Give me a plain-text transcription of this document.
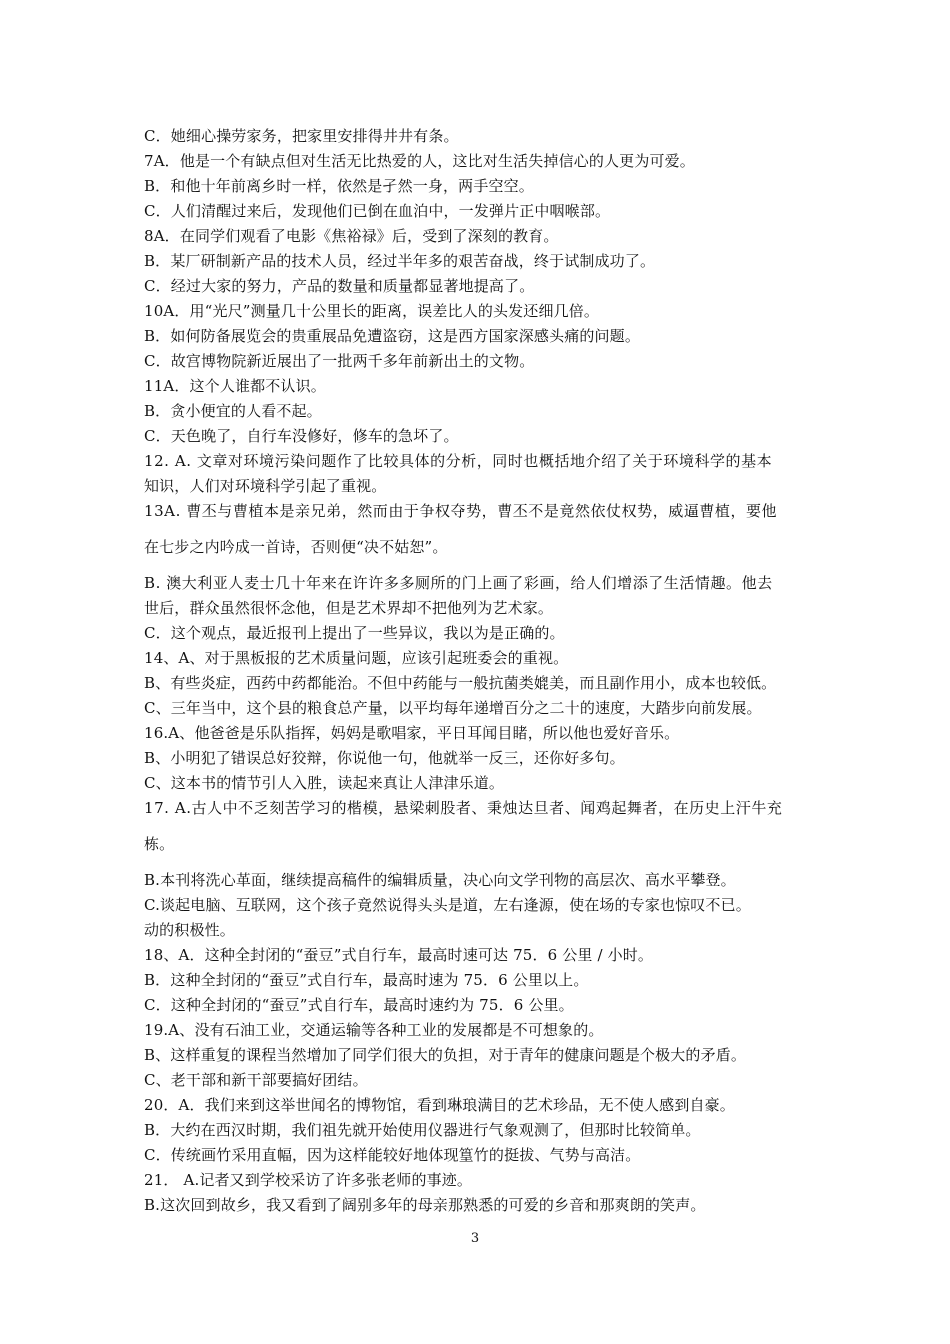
C．她细心操劳家务，把家里安排得井井有条。
7A．他是一个有缺点但对生活无比热爱的人，这比对生活失掉信心的人更为可爱。
B．和他十年前离乡时一样，依然是孑然一身，两手空空。
C．人们清醒过来后，发现他们已倒在血泊中，一发弹片正中咽喉部。
8A．在同学们观看了电影《焦裕禄》后，受到了深刻的教育。
B．某厂研制新产品的技术人员，经过半年多的艰苦奋战，终于试制成功了。
C．经过大家的努力，产品的数量和质量都显著地提高了。
10A．用“光尺”测量几十公里长的距离，误差比人的头发还细几倍。
B．如何防备展览会的贵重展品免遭盗窃，这是西方国家深感头痛的问题。
C．故宫博物院新近展出了一批两千多年前新出土的文物。
11A．这个人谁都不认识。
B．贪小便宜的人看不起。
C．天色晚了，自行车没修好，修车的急坏了。
12. A. 文章对环境污染问题作了比较具体的分析，同时也概括地介绍了关于环境科学的基本
知识，人们对环境科学引起了重视。
13A. 曹丕与曹植本是亲兄弟，然而由于争权夺势，曹丕不是竟然依仗权势，威逼曹植，要他
在七步之内吟成一首诗，否则便“决不姑恕”。
B. 澳大利亚人麦士几十年来在许许多多厕所的门上画了彩画，给人们增添了生活情趣。他去
世后，群众虽然很怀念他，但是艺术界却不把他列为艺术家。
C．这个观点，最近报刊上提出了一些异议，我以为是正确的。
14、A、对于黑板报的艺术质量问题，应该引起班委会的重视。
B、有些炎症，西药中药都能治。不但中药能与一般抗菌类媲美，而且副作用小，成本也较低。
C、三年当中，这个县的粮食总产量，以平均每年递增百分之二十的速度，大踏步向前发展。
16.A、他爸爸是乐队指挥，妈妈是歌唱家，平日耳闻目睹，所以他也爱好音乐。
B、小明犯了错误总好狡辩，你说他一句，他就举一反三，还你好多句。
C、这本书的情节引人入胜，读起来真让人津津乐道。
17. A.古人中不乏刻苦学习的楷模，悬梁刺股者、秉烛达旦者、闻鸡起舞者，在历史上汗牛充
栋。
B.本刊将洗心革面，继续提高稿件的编辑质量，决心向文学刊物的高层次、高水平攀登。
C.谈起电脑、互联网，这个孩子竟然说得头头是道，左右逢源，使在场的专家也惊叹不已。
动的积极性。
18、A．这种全封闭的“蚕豆”式自行车，最高时速可达 75．6 公里 / 小时。
B．这种全封闭的“蚕豆”式自行车，最高时速为 75．6 公里以上。
C．这种全封闭的“蚕豆”式自行车，最高时速约为 75．6 公里。
19.A、没有石油工业，交通运输等各种工业的发展都是不可想象的。
B、这样重复的课程当然增加了同学们很大的负担，对于青年的健康问题是个极大的矛盾。
C、老干部和新干部要搞好团结。
20．A．我们来到这举世闻名的博物馆，看到琳琅满目的艺术珍品，无不使人感到自豪。
B．大约在西汉时期，我们祖先就开始使用仪器进行气象观测了，但那时比较简单。
C．传统画竹采用直幅，因为这样能较好地体现篁竹的挺拔、气势与高洁。
21． A.记者又到学校采访了许多张老师的事迹。
B.这次回到故乡，我又看到了阔别多年的母亲那熟悉的可爱的乡音和那爽朗的笑声。
3
